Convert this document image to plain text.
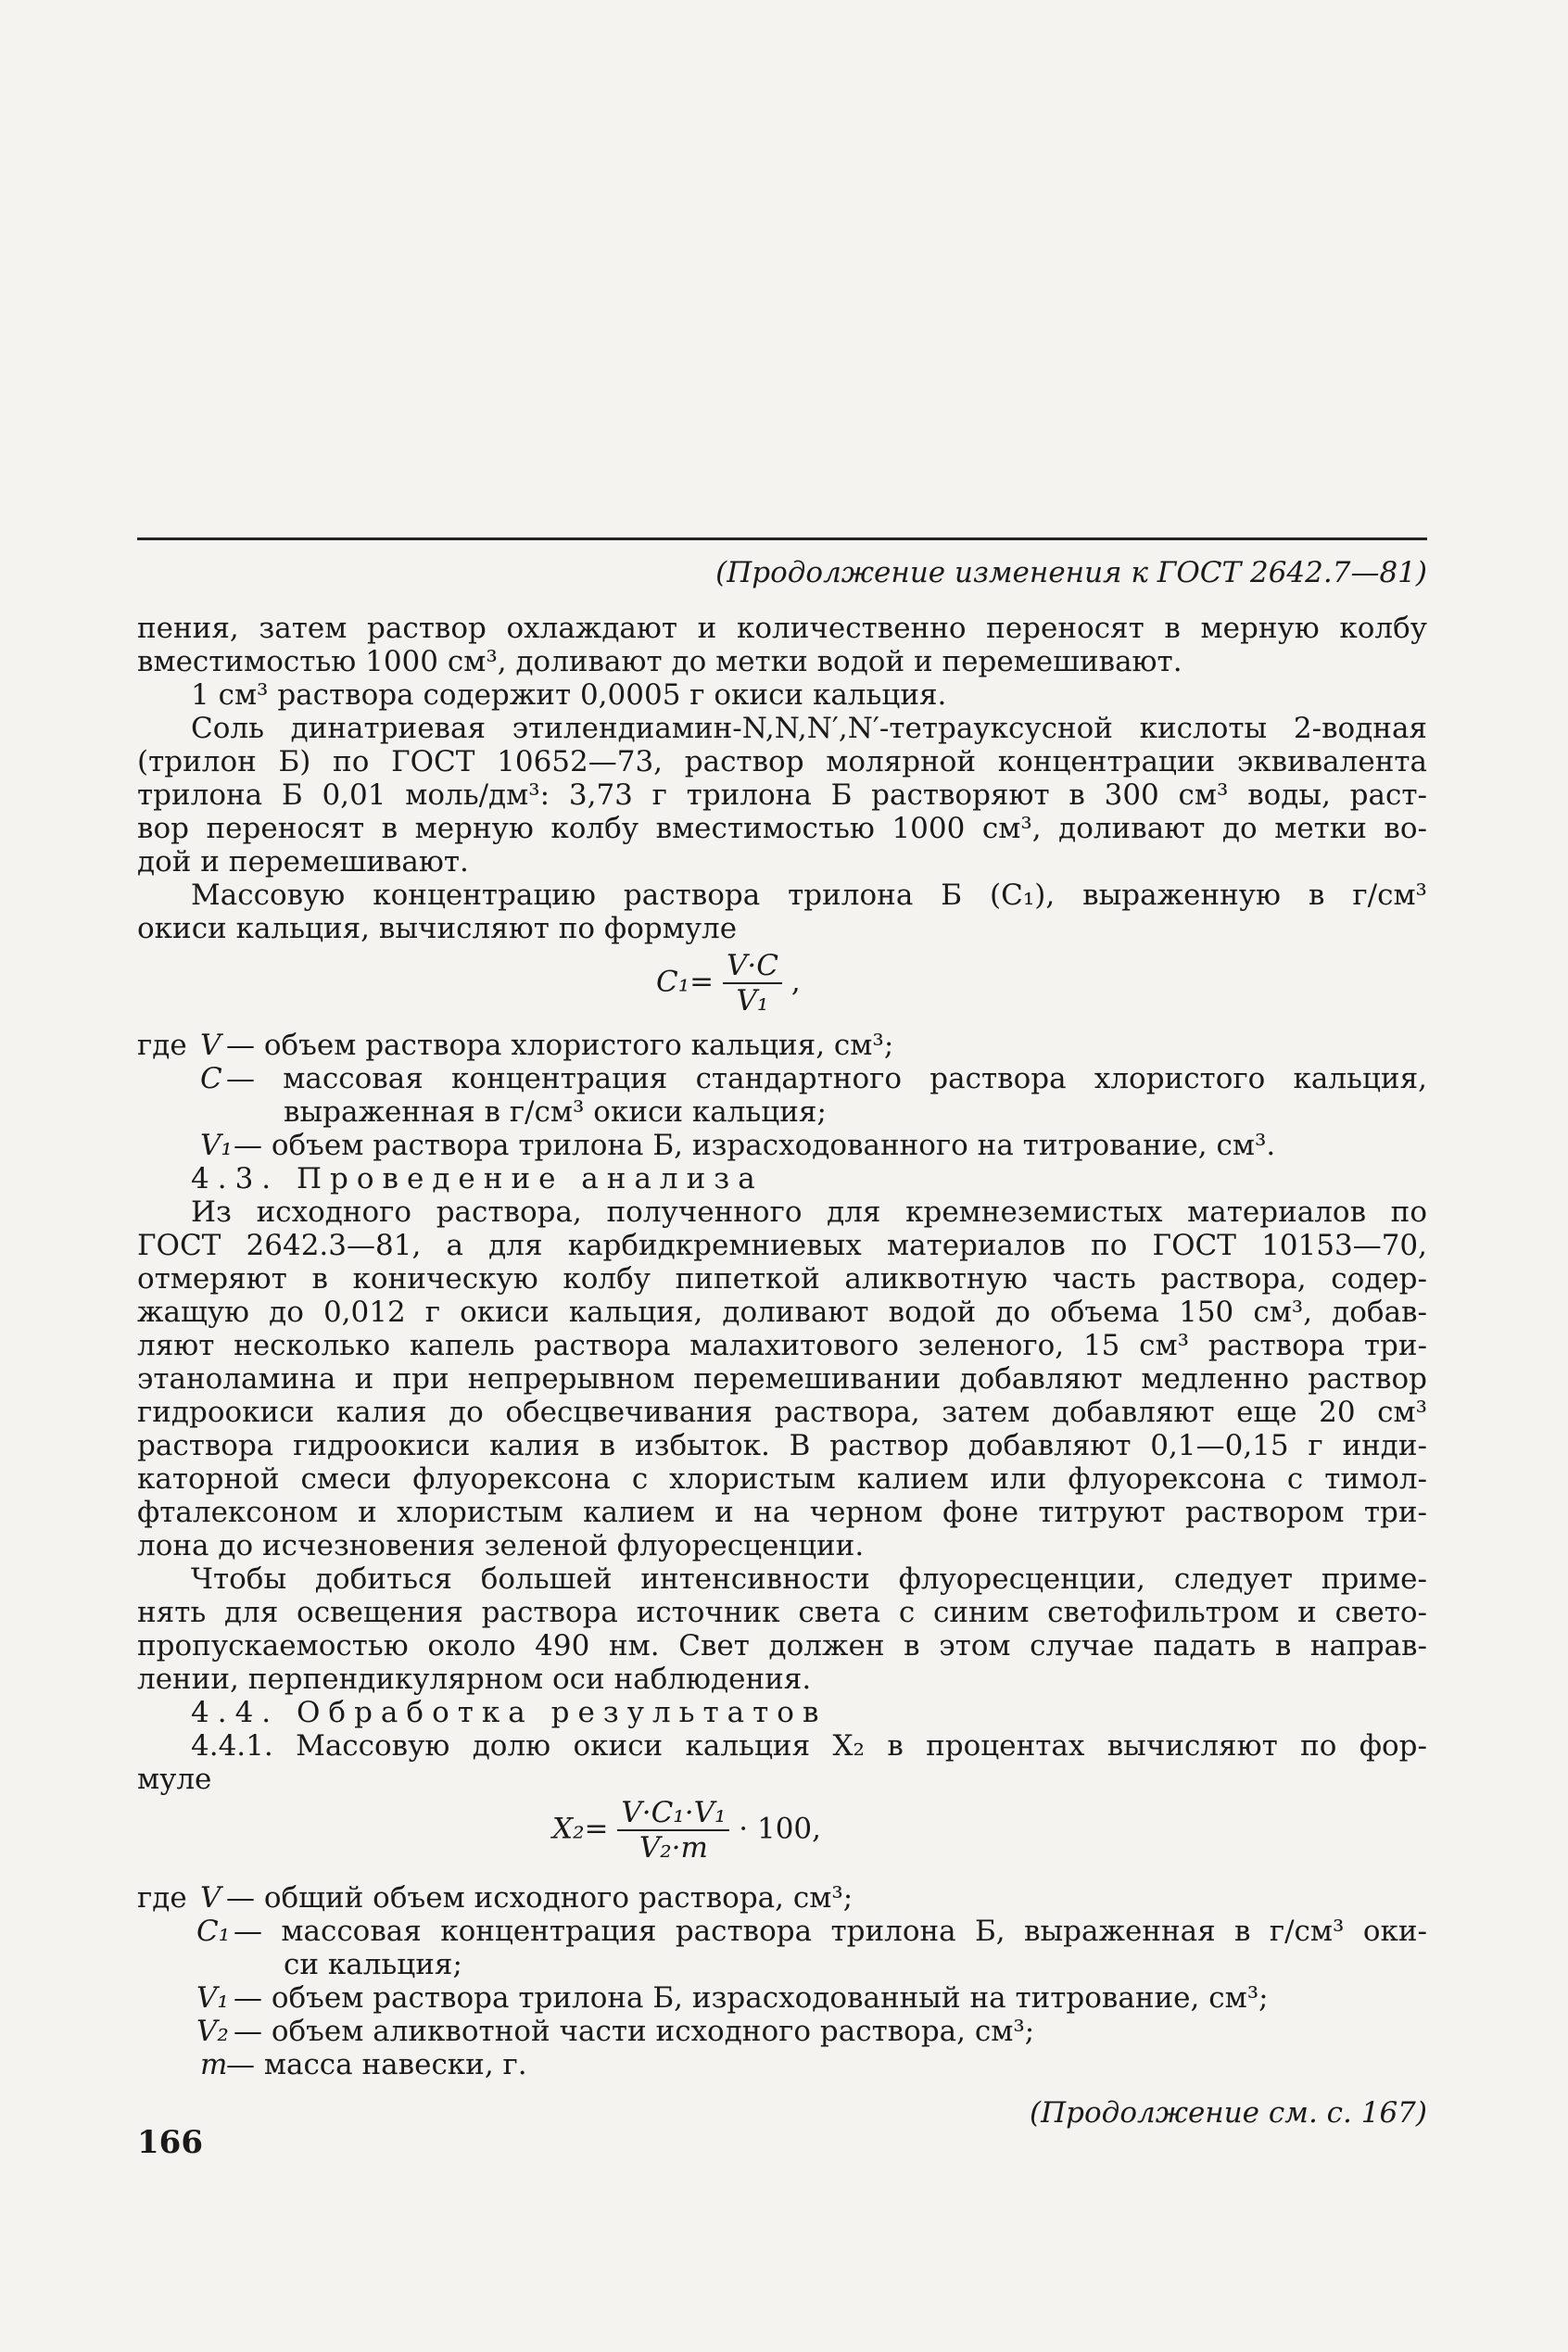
(Продолжение изменения к ГОСТ 2642.7—81)
пения, затем раствор охлаждают и количественно переносят в мерную колбу
вместимостью 1000 см³, доливают до метки водой и перемешивают.
1 см³ раствора содержит 0,0005 г окиси кальция.
Соль динатриевая этилендиамин-N,N,N′,N′-тетрауксусной кислоты 2-водная
(трилон Б) по ГОСТ 10652—73, раствор молярной концентрации эквивалента
трилона Б 0,01 моль/дм³: 3,73 г трилона Б растворяют в 300 см³ воды, раст-
вор переносят в мерную колбу вместимостью 1000 см³, доливают до метки во-
дой и перемешивают.
Массовую концентрацию раствора трилона Б (C₁), выраженную в г/см³
окиси кальция, вычисляют по формуле
$C_1= \frac{V\cdot C}{\text{V₁}}$ ,
где V — объем раствора хлористого кальция, см³;
C — массовая концентрация стандартного раствора хлористого кальция,
выраженная в г/см³ окиси кальция;
V₁ — объем раствора трилона Б, израсходованного на титрование, см³.
4.3. Проведение анализа
Из исходного раствора, полученного для кремнеземистых материалов по
ГОСТ 2642.3—81, а для карбидкремниевых материалов по ГОСТ 10153—70,
отмеряют в коническую колбу пипеткой аликвотную часть раствора, содер-
жащую до 0,012 г окиси кальция, доливают водой до объема 150 см³, добав-
ляют несколько капель раствора малахитового зеленого, 15 см³ раствора три-
этаноламина и при непрерывном перемешивании добавляют медленно раствор
гидроокиси калия до обесцвечивания раствора, затем добавляют еще 20 см³
раствора гидроокиси калия в избыток. В раствор добавляют 0,1—0,15 г инди-
каторной смеси флуорексона с хлористым калием или флуорексона с тимол-
фталексоном и хлористым калием и на черном фоне титруют раствором три-
лона до исчезновения зеленой флуоресценции.
Чтобы добиться большей интенсивности флуоресценции, следует приме-
нять для освещения раствора источник света с синим светофильтром и свето-
пропускаемостью около 490 нм. Свет должен в этом случае падать в направ-
лении, перпендикулярном оси наблюдения.
4.4. Обработка результатов
4.4.1. Массовую долю окиси кальция X₂ в процентах вычисляют по фор-
муле
$X_2= \frac{\text{V·C₁·V₁}}{\text{V₂·m}} \cdot 100$,
где V — общий объем исходного раствора, см³;
C₁ — массовая концентрация раствора трилона Б, выраженная в г/см³ оки-
си кальция;
V₁ — объем раствора трилона Б, израсходованный на титрование, см³;
V₂ — объем аликвотной части исходного раствора, см³;
m
— масса навески, г.
(Продолжение см. с. 167)
166
